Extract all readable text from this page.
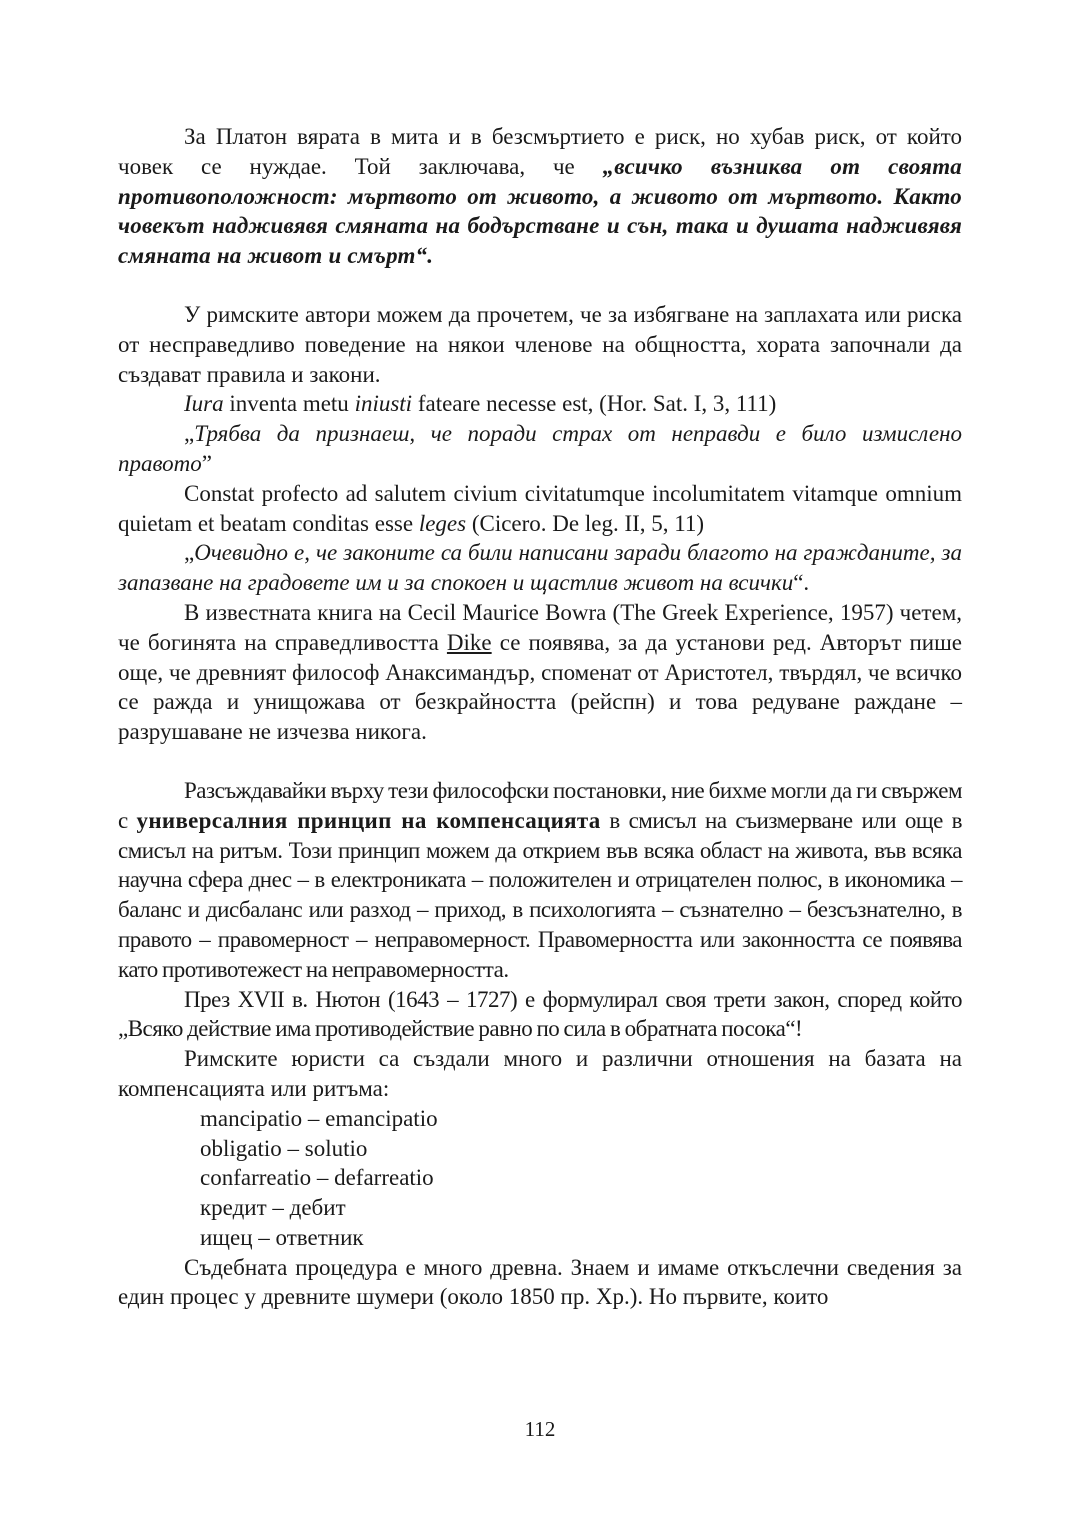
За Платон вярата в мита и в безсмъртието е риск, но хубав риск, от който човек се нуждае. Той заключава, че „всичко възниква от своята противоположност: мъртвото от живото, а живото от мъртвото. Както човекът надживявя смяната на бодърстване и сън, така и душата надживявя смяната на живот и смърт“.

У римските автори можем да прочетем, че за избягване на заплахата или риска от несправедливо поведение на някои членове на общността, хората започнали да създават правила и закони.

Iura inventa metu iniusti fateare necesse est, (Hor. Sat. I, 3, 111)

„Трябва да признаеш, че поради страх от неправди е било измислено правото”

Constat profecto ad salutem civium civitatumque incolumitatem vitamque omnium quietam et beatam conditas esse leges (Cicero. De leg. II, 5, 11)

„Очевидно е, че законите са били написани заради благото на гражданите, за запазване на градовете им и за спокоен и щастлив живот на всички“.

В известната книга на Cecil Maurice Bowra (The Greek Experience, 1957) четем, че богинята на справедливостта Dike се появява, за да установи ред. Авторът пише още, че древният философ Анаксимандър, споменат от Аристотел, твърдял, че всичко се ражда и унищожава от безкрайността (рейспн) и това редуване раждане – разрушаване не изчезва никога.

Разсъждавайки върху тези философски постановки, ние бихме могли да ги свържем с универсалния принцип на компенсацията в смисъл на съизмерване или още в смисъл на ритъм. Този принцип можем да открием във всяка област на живота, във всяка научна сфера днес – в електрониката – положителен и отрицателен полюс, в икономика – баланс и дисбаланс или разход – приход, в психологията – съзнателно – безсъзнателно, в правото – правомерност – неправомерност. Правомерността или законността се появява като противотежест на неправомерността.

През XVII в. Нютон (1643 – 1727) е формулирал своя трети закон, според който „Всяко действие има противодействие равно по сила в обратната посока“!

Римските юристи са създали много и различни отношения на базата на компенсацията или ритъма:

mancipatio – emancipatio
obligatio – solutio
confarreatio – defarreatio
кредит – дебит
ищец – ответник

Съдебната процедура е много древна. Знаем и имаме откъслечни сведения за един процес у древните шумери (около 1850 пр. Хр.). Но първите, които

112
